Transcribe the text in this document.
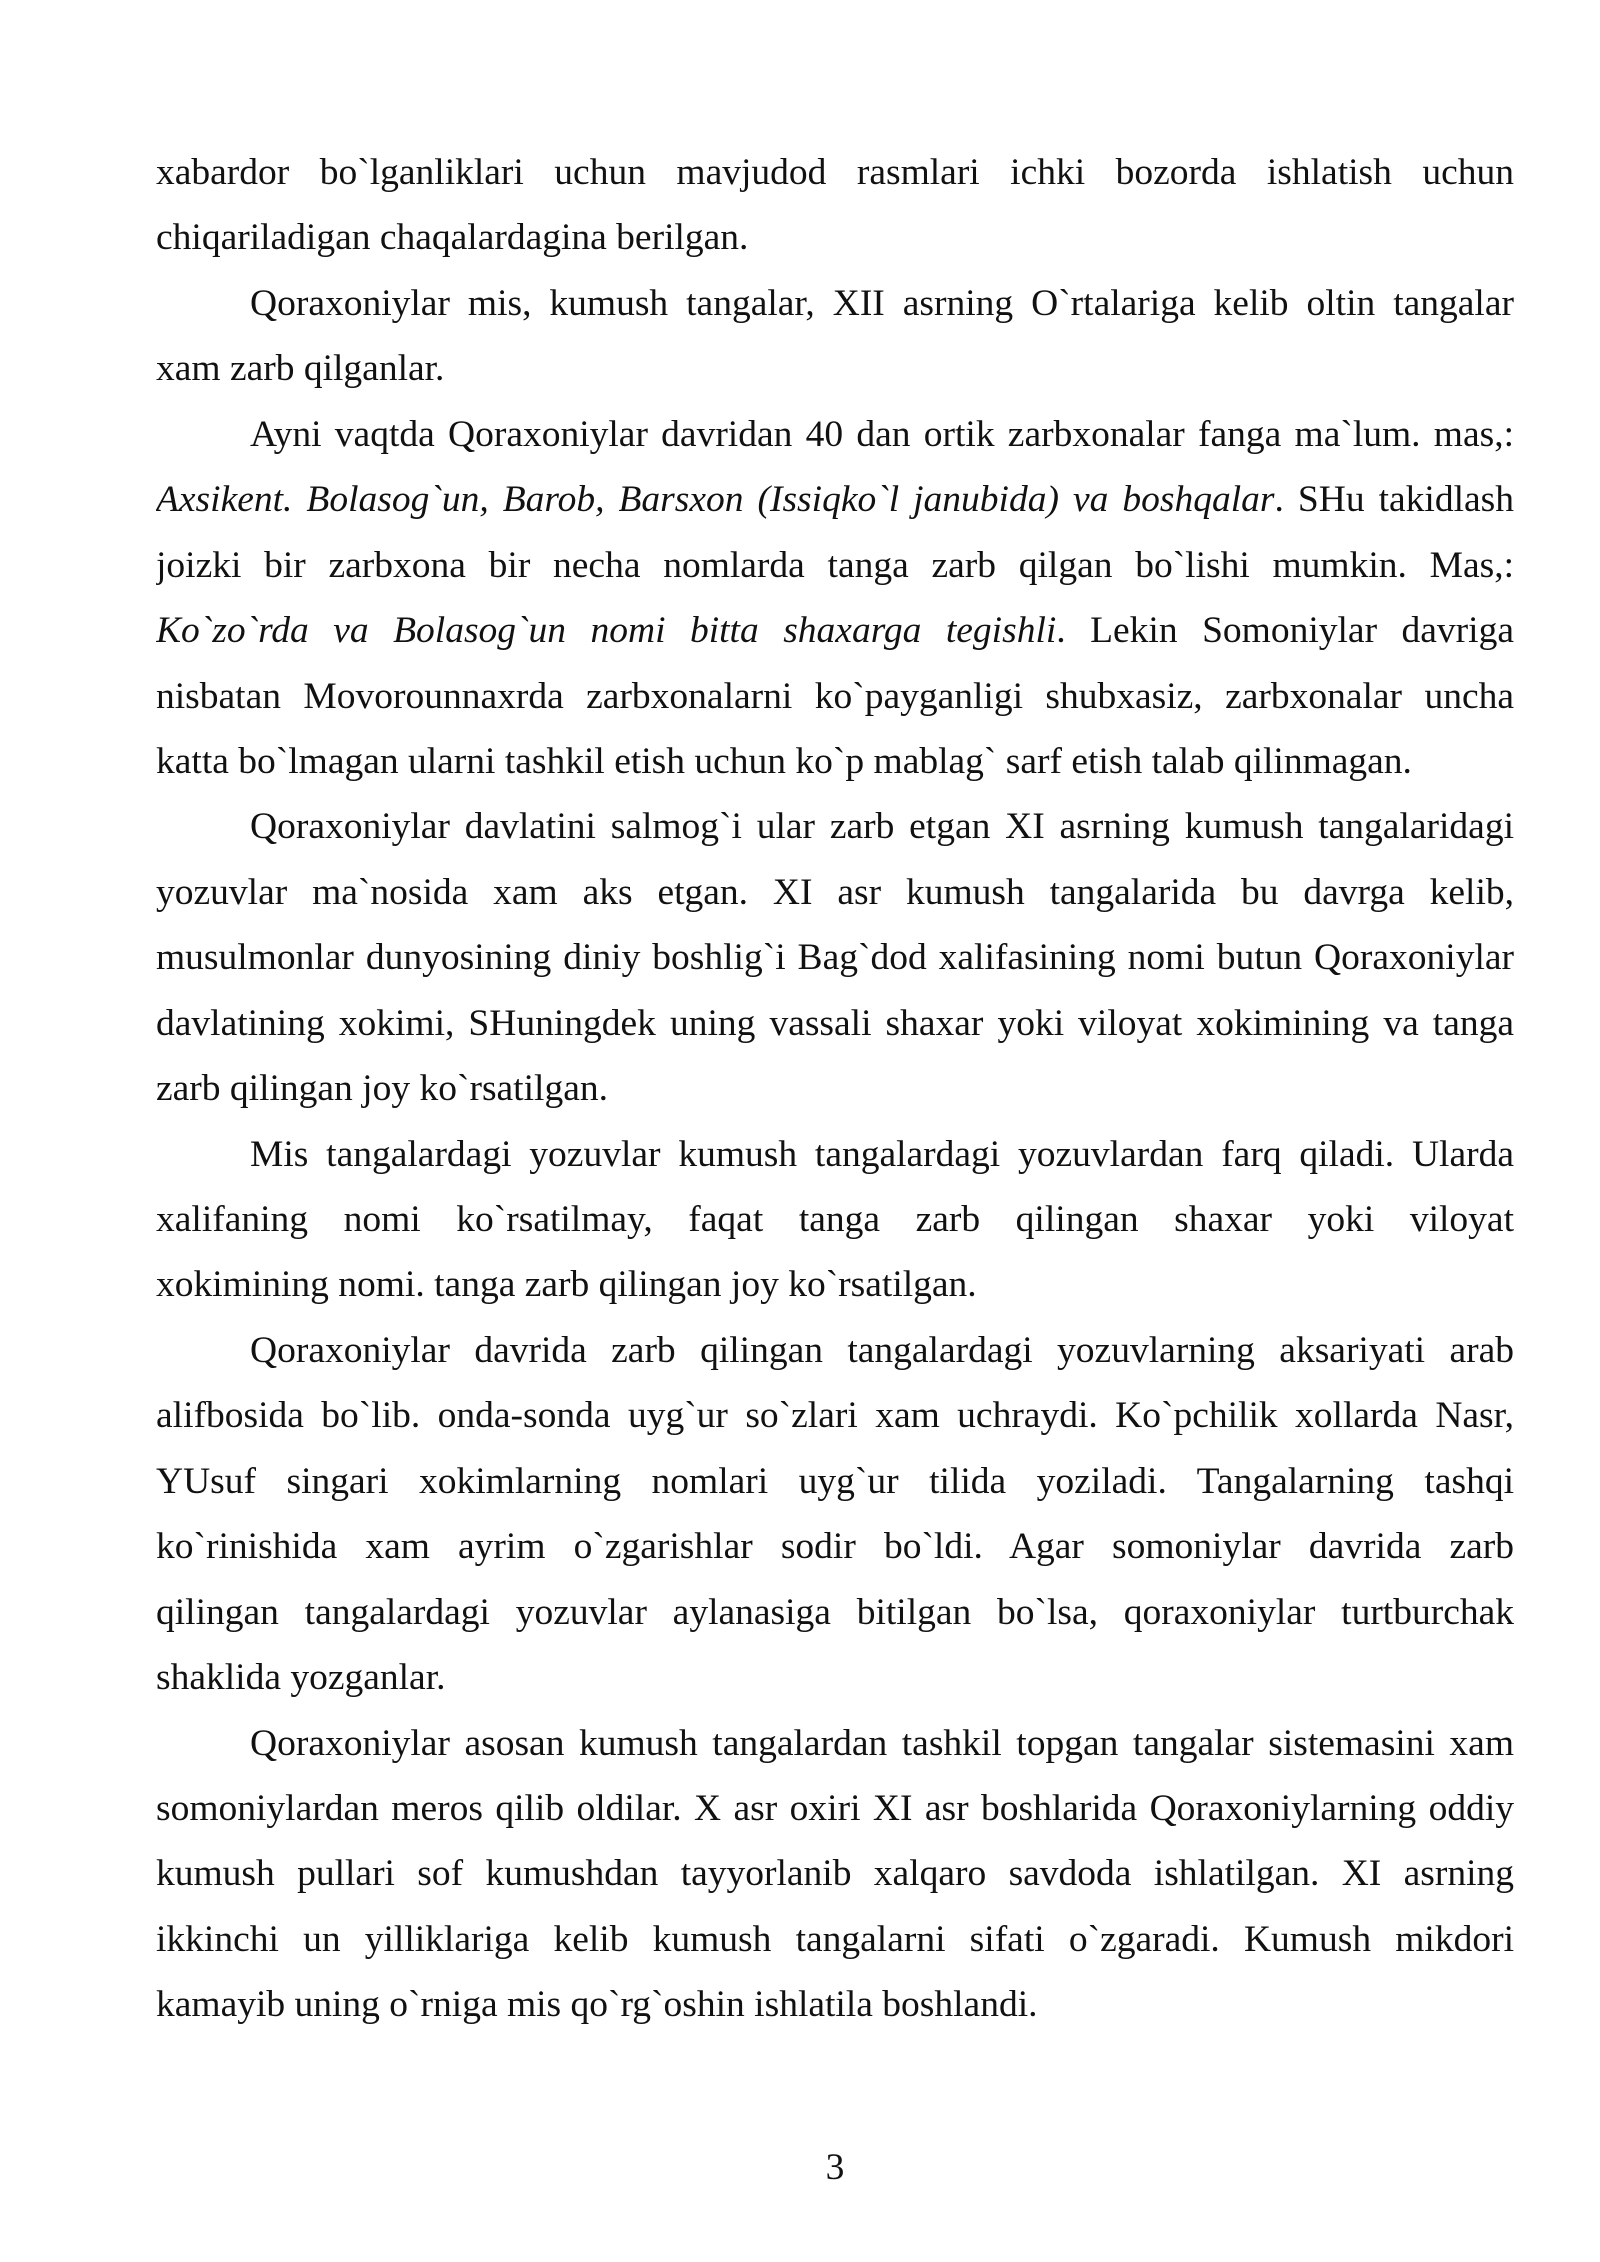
xabardor bo`lganliklari uchun mavjudod rasmlari ichki bozorda ishlatish uchun
chiqariladigan chaqalardagina berilgan.
Qoraxoniylar mis, kumush tangalar, XII asrning O`rtalariga kelib oltin tangalar
xam zarb qilganlar.
Ayni vaqtda Qoraxoniylar davridan 40 dan ortik zarbxonalar fanga ma`lum. mas,:
Axsikent. Bolasog`un, Barob, Barsxon (Issiqko`l janubida) va boshqalar. SHu takidlash
joizki bir zarbxona bir necha nomlarda tanga zarb qilgan bo`lishi mumkin. Mas,:
Ko`zo`rda va Bolasog`un nomi bitta shaxarga tegishli. Lekin Somoniylar davriga
nisbatan Movorounnaxrda zarbxonalarni ko`payganligi shubxasiz, zarbxonalar uncha
katta bo`lmagan ularni tashkil etish uchun ko`p mablag` sarf etish talab qilinmagan.
Qoraxoniylar davlatini salmog`i ular zarb etgan XI asrning kumush tangalaridagi
yozuvlar ma`nosida xam aks etgan. XI asr kumush tangalarida bu davrga kelib,
musulmonlar dunyosining diniy boshlig`i Bag`dod xalifasining nomi butun Qoraxoniylar
davlatining xokimi, SHuningdek uning vassali shaxar yoki viloyat xokimining va tanga
zarb qilingan joy ko`rsatilgan.
Mis tangalardagi yozuvlar kumush tangalardagi yozuvlardan farq qiladi. Ularda
xalifaning nomi ko`rsatilmay, faqat tanga zarb qilingan shaxar yoki viloyat
xokimining nomi. tanga zarb qilingan joy ko`rsatilgan.
Qoraxoniylar davrida zarb qilingan tangalardagi yozuvlarning aksariyati arab
alifbosida bo`lib. onda-sonda uyg`ur so`zlari xam uchraydi. Ko`pchilik xollarda Nasr,
YUsuf singari xokimlarning nomlari uyg`ur tilida yoziladi. Tangalarning tashqi
ko`rinishida xam ayrim o`zgarishlar sodir bo`ldi. Agar somoniylar davrida zarb
qilingan tangalardagi yozuvlar aylanasiga bitilgan bo`lsa, qoraxoniylar turtburchak
shaklida yozganlar.
Qoraxoniylar asosan kumush tangalardan tashkil topgan tangalar sistemasini xam
somoniylardan meros qilib oldilar. X asr oxiri XI asr boshlarida Qoraxoniylarning oddiy
kumush pullari sof kumushdan tayyorlanib xalqaro savdoda ishlatilgan. XI asrning
ikkinchi un yilliklariga kelib kumush tangalarni sifati o`zgaradi. Kumush mikdori
kamayib uning o`rniga mis qo`rg`oshin ishlatila boshlandi.
3
